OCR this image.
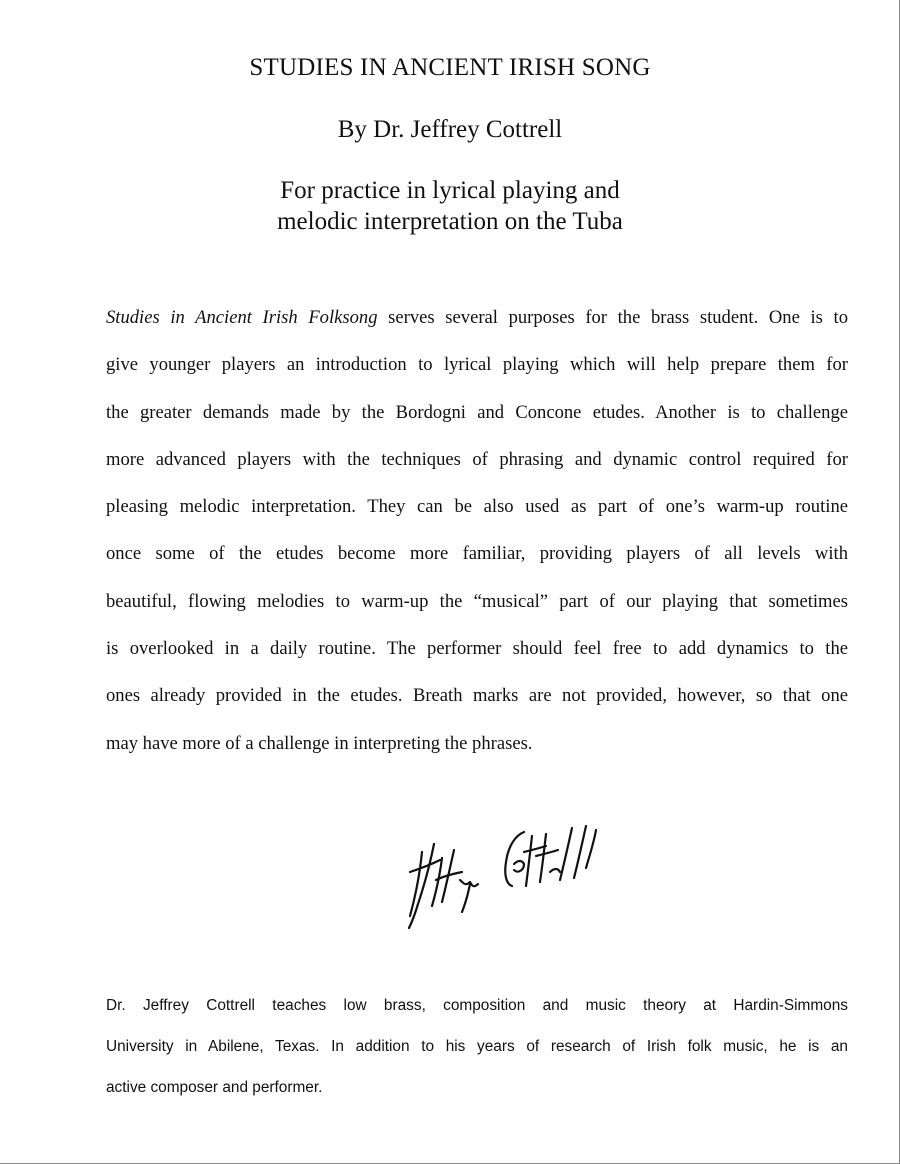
STUDIES IN ANCIENT IRISH SONG
By Dr. Jeffrey Cottrell
For practice in lyrical playing and
melodic interpretation on the Tuba
Studies in Ancient Irish Folksong serves several purposes for the brass student. One is to
give younger players an introduction to lyrical playing which will help prepare them for
the greater demands made by the Bordogni and Concone etudes. Another is to challenge
more advanced players with the techniques of phrasing and dynamic control required for
pleasing melodic interpretation. They can be also used as part of one’s warm-up routine
once some of the etudes become more familiar, providing players of all levels with
beautiful, flowing melodies to warm-up the “musical” part of our playing that sometimes
is overlooked in a daily routine. The performer should feel free to add dynamics to the
ones already provided in the etudes. Breath marks are not provided, however, so that one
may have more of a challenge in interpreting the phrases.
Dr. Jeffrey Cottrell teaches low brass, composition and music theory at Hardin-Simmons
University in Abilene, Texas. In addition to his years of research of Irish folk music, he is an
active composer and performer.
